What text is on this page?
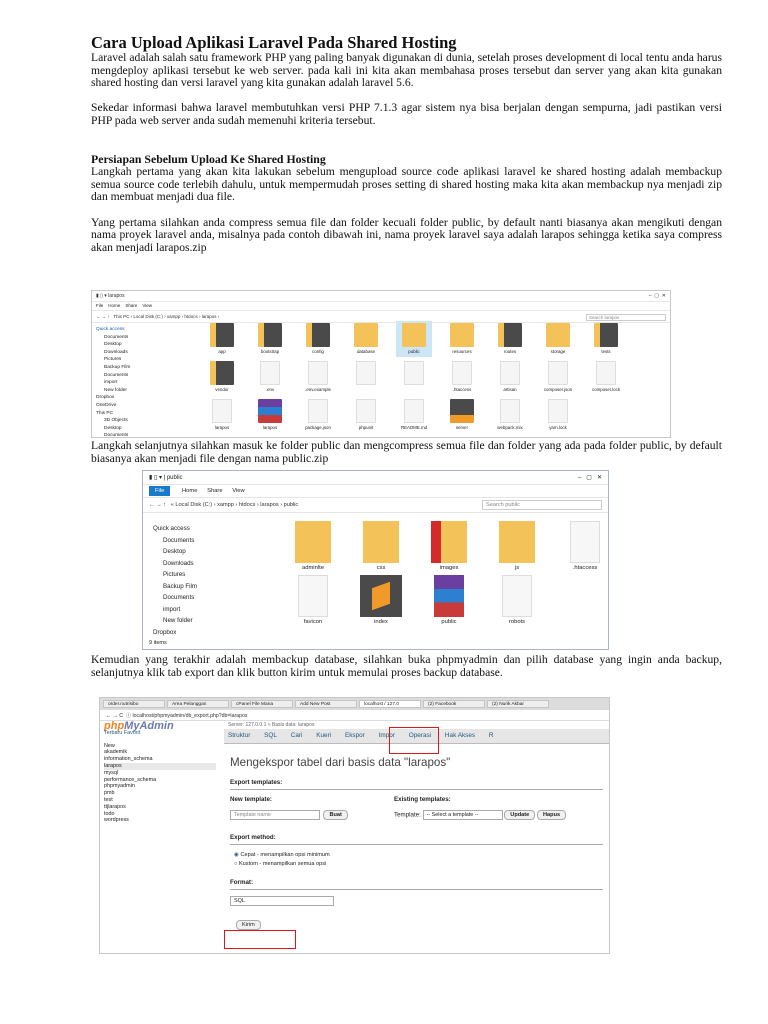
Cara Upload Aplikasi Laravel Pada Shared Hosting

Laravel adalah salah satu framework PHP yang paling banyak digunakan di dunia, setelah proses development di local tentu anda harus mengdeploy aplikasi tersebut ke web server. pada kali ini kita akan membahasa proses tersebut dan server yang akan kita gunakan shared hosting dan versi laravel yang kita gunakan adalah laravel 5.6.

Sekedar informasi bahwa laravel membutuhkan versi PHP 7.1.3 agar sistem nya bisa berjalan dengan sempurna, jadi pastikan versi PHP pada web server anda sudah memenuhi kriteria tersebut.

Persiapan Sebelum Upload Ke Shared Hosting

Langkah pertama yang akan kita lakukan sebelum mengupload source code aplikasi laravel ke shared hosting adalah membackup semua source code terlebih dahulu, untuk mempermudah proses setting di shared hosting maka kita akan membackup nya menjadi zip dan membuat menjadi dua file.

Yang pertama silahkan anda compress semua file dan folder kecuali folder public, by default nanti biasanya akan mengikuti dengan nama proyek laravel anda, misalnya pada contoh dibawah ini, nama proyek laravel saya adalah larapos sehingga ketika saya compress akan menjadi larapos.zip

▮ ▯ ▾ larapos	–  ▢  ✕
File Home Share View
← → ↑   This PC › Local Disk (C:) › xampp › htdocs › larapos ›	Search larapos
Quick access
Documents
Desktop
Downloads
Pictures
Backup Film
Documents
import
New folder
Dropbox
OneDrive
This PC
3D Objects
Desktop
Documents
app	bootstrap	config	database	public	resources	routes	storage	tests
vendor	.env	.env.example	.htaccess	artisan	composer.json	composer.lock
larapos	larapos	package.json	phpunit	README.md	server	webpack.mix	yarn.lock

Langkah selanjutnya silahkan masuk ke folder public dan mengcompress semua file dan folder yang ada pada folder public, by default biasanya akan menjadi file dengan nama public.zip

▮ ▯ ▾ | public	–   ▢   ✕
File	Home Share View
← → ↑   « Local Disk (C:) › xampp › htdocs › larapos › public	Search public
Quick access
Documents
Desktop
Downloads
Pictures
Backup Film
Documents
import
New folder
Dropbox
adminlte	css	images	js	.htaccess
favicon	index	public	robots
9 items

Kemudian yang terakhir adalah membackup database, silahkan buka phpmyadmin dan pilih database yang ingin anda backup, selanjutnya klik tab export dan klik button kirim untuk memulai proses backup database.

order.nutrisibo	Area Pelanggan	cPanel File Mana	Add New Post	localhost / 127.0	(2) Facebook	(2) Nurik Akbar
← → C  ⓘ localhost/phpmyadmin/db_export.php?db=larapos
phpMyAdmin
Terbaru Favorit
New
akademik
information_schema
larapos
mysql
performance_schema
phpmyadmin
pmb
test
ttjlarapos
todo
wordpress
Server: 127.0.0.1 » Basis data: larapos
Struktur SQL Cari Kueri Ekspor Impor Operasi Hak Akses R
Mengekspor tabel dari basis data "larapos"
Export templates:
New template:
Template name	Buat
Existing templates:
Template: -- Select a template --	Update Hapus
Export method:
◉ Cepat - menampilkan opsi minimum
○ Kustom - menampilkan semua opsi
Format:
SQL
Kirim
